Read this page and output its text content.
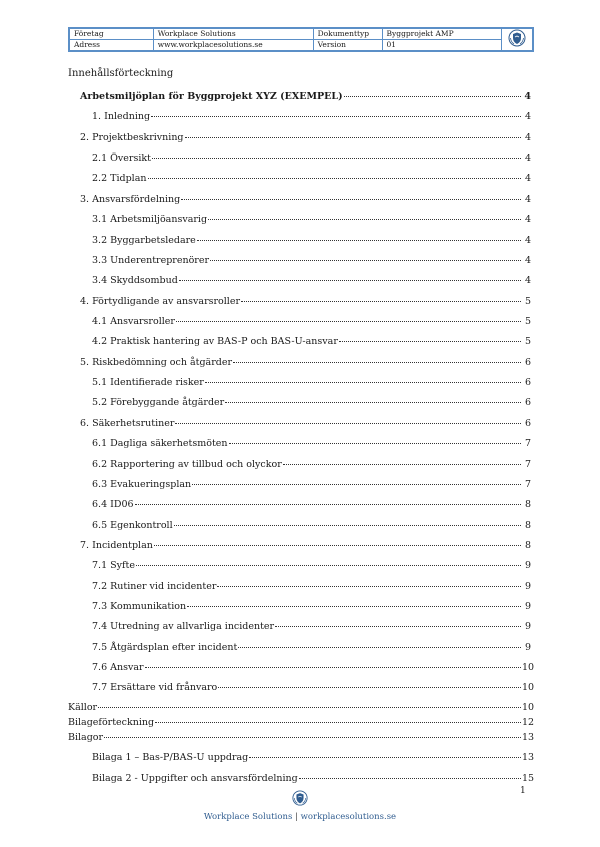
Företag	Workplace Solutions	Dokumenttyp	Byggprojekt AMP	
Adress	www.workplacesolutions.se	Version	01	
Innehållsförteckning
Arbetsmiljöplan för Byggprojekt XYZ (EXEMPEL)	4
1. Inledning	4
2. Projektbeskrivning	4
2.1 Översikt	4
2.2 Tidplan	4
3. Ansvarsfördelning	4
3.1 Arbetsmiljöansvarig	4
3.2 Byggarbetsledare	4
3.3 Underentreprenörer	4
3.4 Skyddsombud	4
4. Förtydligande av ansvarsroller	5
4.1 Ansvarsroller	5
4.2 Praktisk hantering av BAS-P och BAS-U-ansvar	5
5. Riskbedömning och åtgärder	6
5.1 Identifierade risker	6
5.2 Förebyggande åtgärder	6
6. Säkerhetsrutiner	6
6.1 Dagliga säkerhetsmöten	7
6.2 Rapportering av tillbud och olyckor	7
6.3 Evakueringsplan	7
6.4 ID06	8
6.5 Egenkontroll	8
7. Incidentplan	8
7.1 Syfte	9
7.2 Rutiner vid incidenter	9
7.3 Kommunikation	9
7.4 Utredning av allvarliga incidenter	9
7.5 Åtgärdsplan efter incident	9
7.6 Ansvar	10
7.7 Ersättare vid frånvaro	10
Källor	10
Bilageförteckning	12
Bilagor	13
Bilaga 1 – Bas-P/BAS-U uppdrag	13
Bilaga 2 - Uppgifter och ansvarsfördelning	15
1
Workplace Solutions | workplacesolutions.se
